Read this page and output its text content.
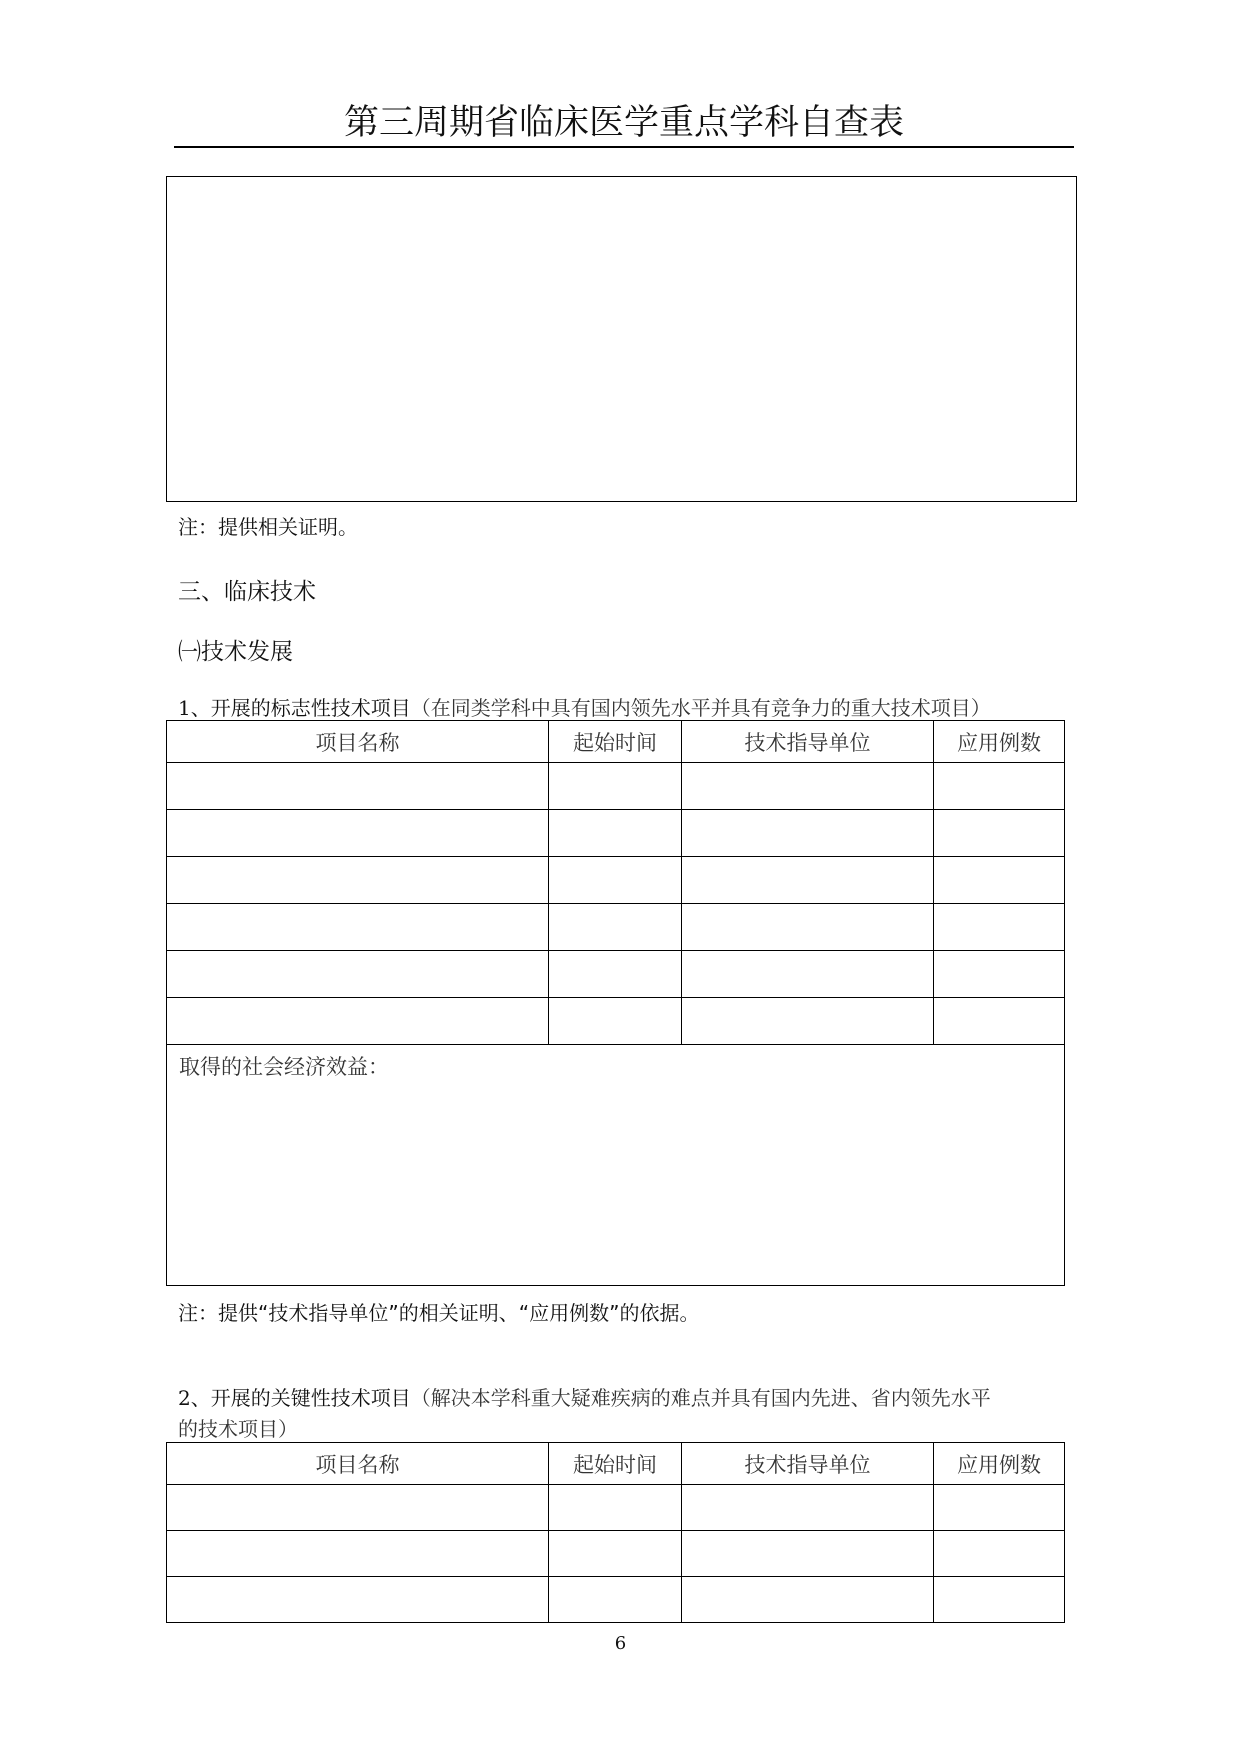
第三周期省临床医学重点学科自查表
注：提供相关证明。
三、临床技术
㈠技术发展
1、开展的标志性技术项目（在同类学科中具有国内领先水平并具有竞争力的重大技术项目）
项目名称	起始时间	技术指导单位	应用例数

取得的社会经济效益：			
注：提供“技术指导单位”的相关证明、“应用例数”的依据。
2、开展的关键性技术项目（解决本学科重大疑难疾病的难点并具有国内先进、省内领先水平
的技术项目）
项目名称	起始时间	技术指导单位	应用例数

6
